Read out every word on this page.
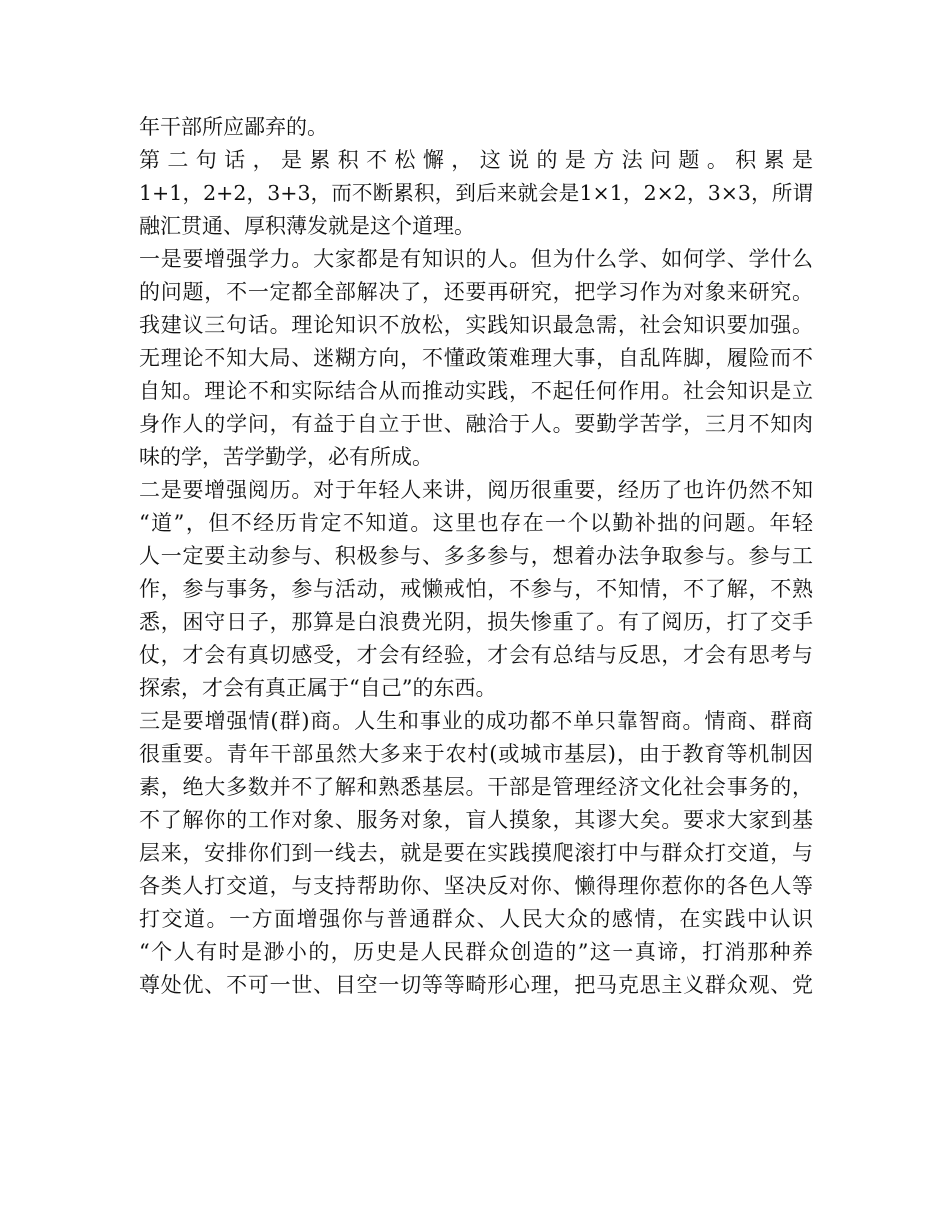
年干部所应鄙弃的。
第二句话，是累积不松懈，这说的是方法问题。积累是
1+1，2+2，3+3，而不断累积，到后来就会是1×1，2×2，3×3，所谓
融汇贯通、厚积薄发就是这个道理。
一是要增强学力。大家都是有知识的人。但为什么学、如何学、学什么
的问题，不一定都全部解决了，还要再研究，把学习作为对象来研究。
我建议三句话。理论知识不放松，实践知识最急需，社会知识要加强。
无理论不知大局、迷糊方向，不懂政策难理大事，自乱阵脚，履险而不
自知。理论不和实际结合从而推动实践，不起任何作用。社会知识是立
身作人的学问，有益于自立于世、融洽于人。要勤学苦学，三月不知肉
味的学，苦学勤学，必有所成。
二是要增强阅历。对于年轻人来讲，阅历很重要，经历了也许仍然不知
“道”，但不经历肯定不知道。这里也存在一个以勤补拙的问题。年轻
人一定要主动参与、积极参与、多多参与，想着办法争取参与。参与工
作，参与事务，参与活动，戒懒戒怕，不参与，不知情，不了解，不熟
悉，困守日子，那算是白浪费光阴，损失惨重了。有了阅历，打了交手
仗，才会有真切感受，才会有经验，才会有总结与反思，才会有思考与
探索，才会有真正属于“自己”的东西。
三是要增强情(群)商。人生和事业的成功都不单只靠智商。情商、群商
很重要。青年干部虽然大多来于农村(或城市基层)，由于教育等机制因
素，绝大多数并不了解和熟悉基层。干部是管理经济文化社会事务的，
不了解你的工作对象、服务对象，盲人摸象，其谬大矣。要求大家到基
层来，安排你们到一线去，就是要在实践摸爬滚打中与群众打交道，与
各类人打交道，与支持帮助你、坚决反对你、懒得理你惹你的各色人等
打交道。一方面增强你与普通群众、人民大众的感情，在实践中认识
“个人有时是渺小的，历史是人民群众创造的”这一真谛，打消那种养
尊处优、不可一世、目空一切等等畸形心理，把马克思主义群众观、党
